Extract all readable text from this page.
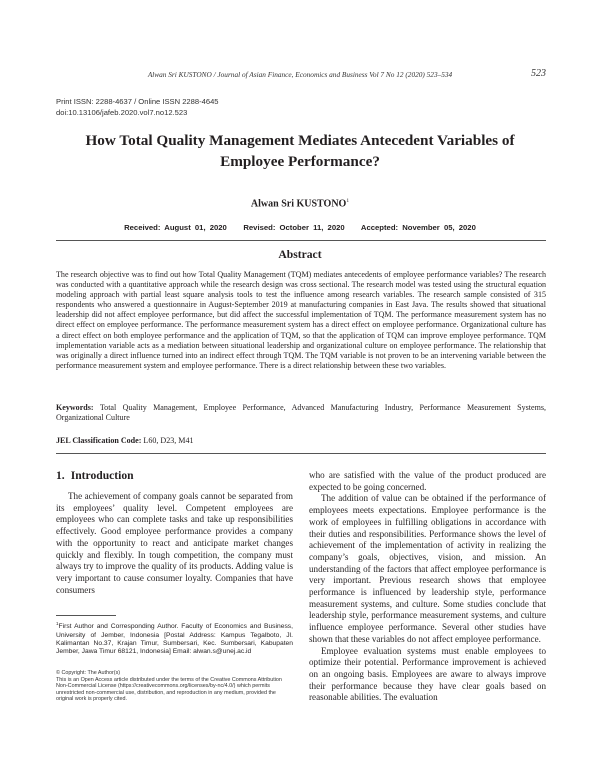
Alwan Sri KUSTONO / Journal of Asian Finance, Economics and Business Vol 7 No 12 (2020) 523–534	523
Print ISSN: 2288-4637 / Online ISSN 2288-4645
doi:10.13106/jafeb.2020.vol7.no12.523
How Total Quality Management Mediates Antecedent Variables of
Employee Performance?
Alwan Sri KUSTONO$^1$
Received: August 01, 2020    Revised: October 11, 2020    Accepted: November 05, 2020
Abstract

The research objective was to find out how Total Quality Management (TQM) mediates antecedents of employee performance variables? The research was conducted with a quantitative approach while the research design was cross sectional. The research model was tested using the structural equation modeling approach with partial least square analysis tools to test the influence among research variables. The research sample consisted of 315 respondents who answered a questionnaire in August-September 2019 at manufacturing companies in East Java. The results showed that situational leadership did not affect employee performance, but did affect the successful implementation of TQM. The performance measurement system has no direct effect on employee performance. The performance measurement system has a direct effect on employee performance. Organizational culture has a direct effect on both employee performance and the application of TQM, so that the application of TQM can improve employee performance. TQM implementation variable acts as a mediation between situational leadership and organizational culture on employee performance. The relationship that was originally a direct influence turned into an indirect effect through TQM. The TQM variable is not proven to be an intervening variable between the performance measurement system and employee performance. There is a direct relationship between these two variables.

Keywords: Total Quality Management, Employee Performance, Advanced Manufacturing Industry, Performance Measurement Systems, Organizational Culture

JEL Classification Code: L60, D23, M41
1. Introduction

The achievement of company goals cannot be separated from its employees’ quality level. Competent employees are employees who can complete tasks and take up responsibilities effectively. Good employee performance provides a company with the opportunity to react and anticipate market changes quickly and flexibly. In tough competition, the company must always try to improve the quality of its products. Adding value is very important to cause consumer loyalty. Companies that have consumers

$^1$First Author and Corresponding Author. Faculty of Economics and Business, University of Jember, Indonesia [Postal Address: Kampus Tegalboto, Jl. Kalimantan No.37, Krajan Timur, Sumbersari, Kec. Sumbersari, Kabupaten Jember, Jawa Timur 68121, Indonesia] Email: alwan.s@unej.ac.id
© Copyright: The Author(s)
This is an Open Access article distributed under the terms of the Creative Commons Attribution Non-Commercial License (https://creativecommons.org/licenses/by-nc/4.0/) which permits unrestricted non-commercial use, distribution, and reproduction in any medium, provided the original work is properly cited.

who are satisfied with the value of the product produced are expected to be going concerned.

The addition of value can be obtained if the performance of employees meets expectations. Employee performance is the work of employees in fulfilling obligations in accordance with their duties and responsibilities. Performance shows the level of achievement of the implementation of activity in realizing the company’s goals, objectives, vision, and mission. An understanding of the factors that affect employee performance is very important. Previous research shows that employee performance is influenced by leadership style, performance measurement systems, and culture. Some studies conclude that leadership style, performance measurement systems, and culture influence employee performance. Several other studies have shown that these variables do not affect employee performance.

Employee evaluation systems must enable employees to optimize their potential. Performance improvement is achieved on an ongoing basis. Employees are aware to always improve their performance because they have clear goals based on reasonable abilities. The evaluation
